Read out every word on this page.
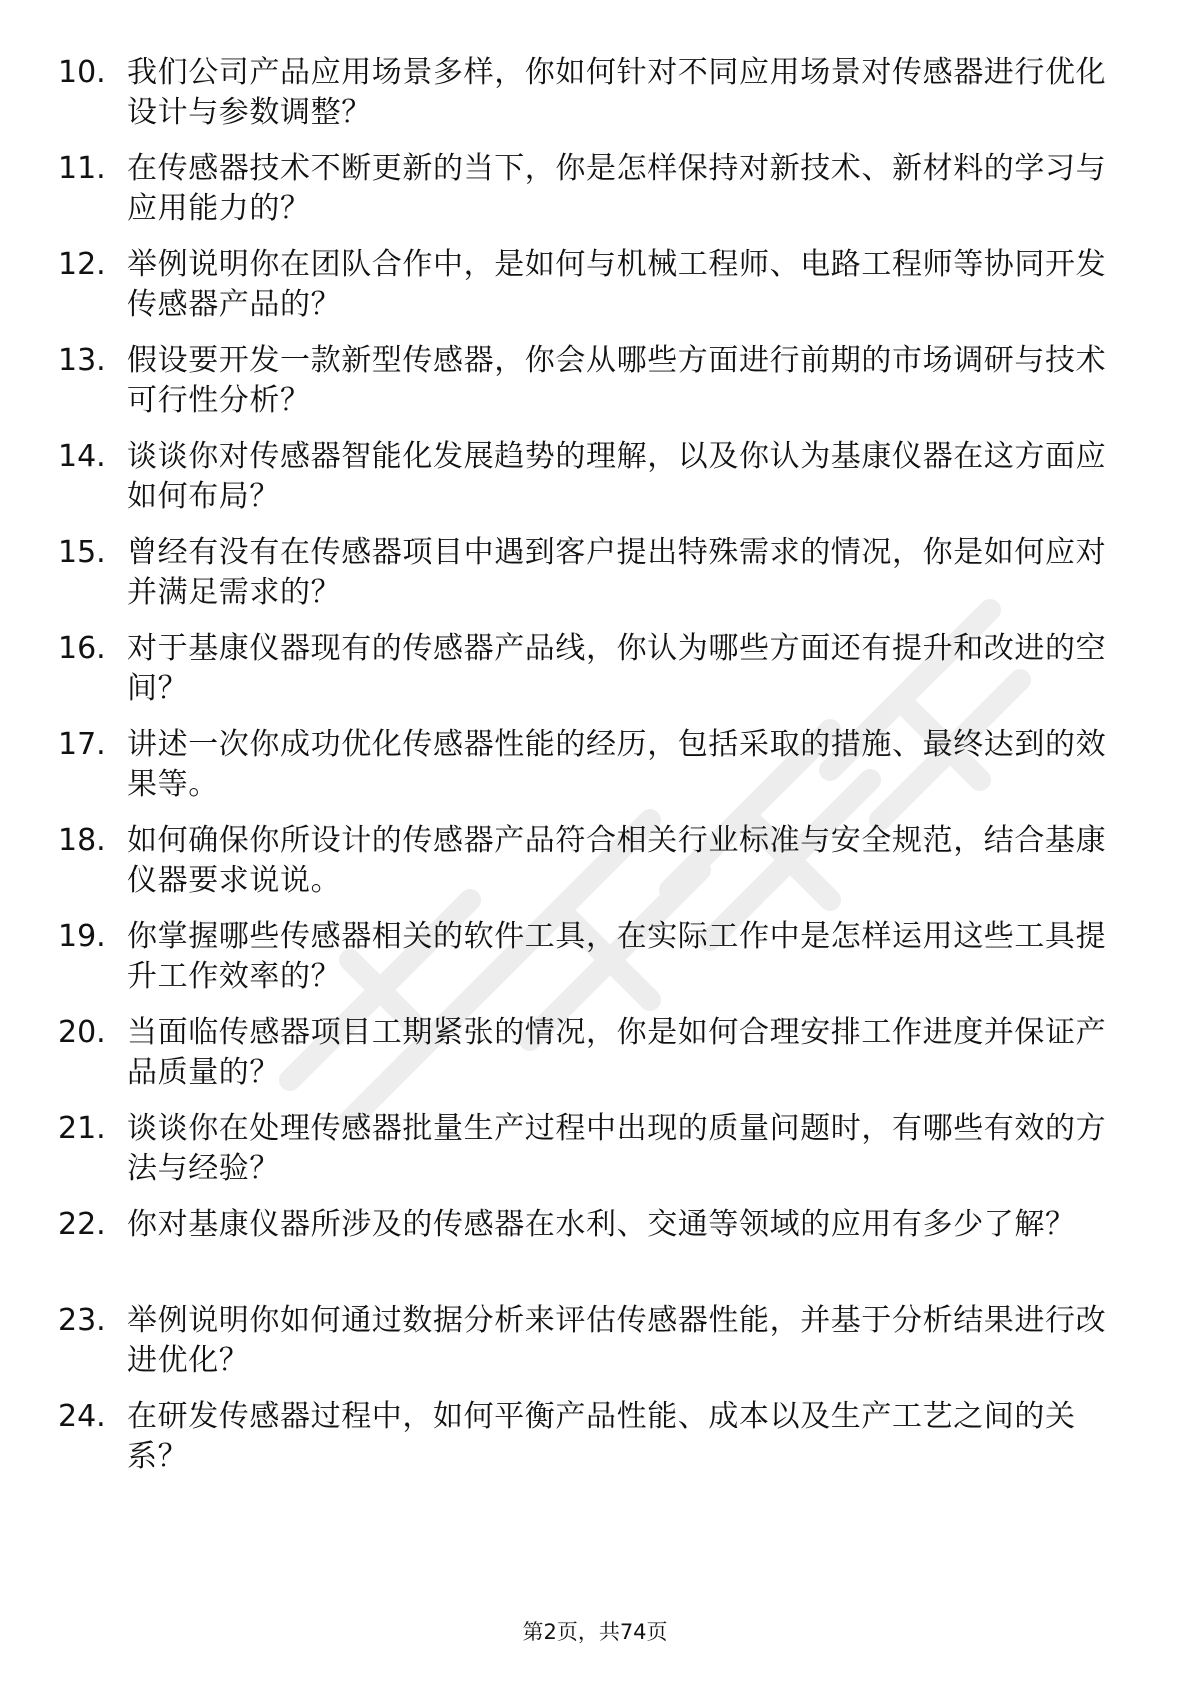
10. 我们公司产品应用场景多样，你如何针对不同应用场景对传感器进行优化设计与参数调整？
11. 在传感器技术不断更新的当下，你是怎样保持对新技术、新材料的学习与应用能力的？
12. 举例说明你在团队合作中，是如何与机械工程师、电路工程师等协同开发传感器产品的？
13. 假设要开发一款新型传感器，你会从哪些方面进行前期的市场调研与技术可行性分析？
14. 谈谈你对传感器智能化发展趋势的理解，以及你认为基康仪器在这方面应如何布局？
15. 曾经有没有在传感器项目中遇到客户提出特殊需求的情况，你是如何应对并满足需求的？
16. 对于基康仪器现有的传感器产品线，你认为哪些方面还有提升和改进的空间？
17. 讲述一次你成功优化传感器性能的经历，包括采取的措施、最终达到的效果等。
18. 如何确保你所设计的传感器产品符合相关行业标准与安全规范，结合基康仪器要求说说。
19. 你掌握哪些传感器相关的软件工具，在实际工作中是怎样运用这些工具提升工作效率的？
20. 当面临传感器项目工期紧张的情况，你是如何合理安排工作进度并保证产品质量的？
21. 谈谈你在处理传感器批量生产过程中出现的质量问题时，有哪些有效的方法与经验？
22. 你对基康仪器所涉及的传感器在水利、交通等领域的应用有多少了解？
23. 举例说明你如何通过数据分析来评估传感器性能，并基于分析结果进行改进优化？
24. 在研发传感器过程中，如何平衡产品性能、成本以及生产工艺之间的关系？
第2页，共74页
